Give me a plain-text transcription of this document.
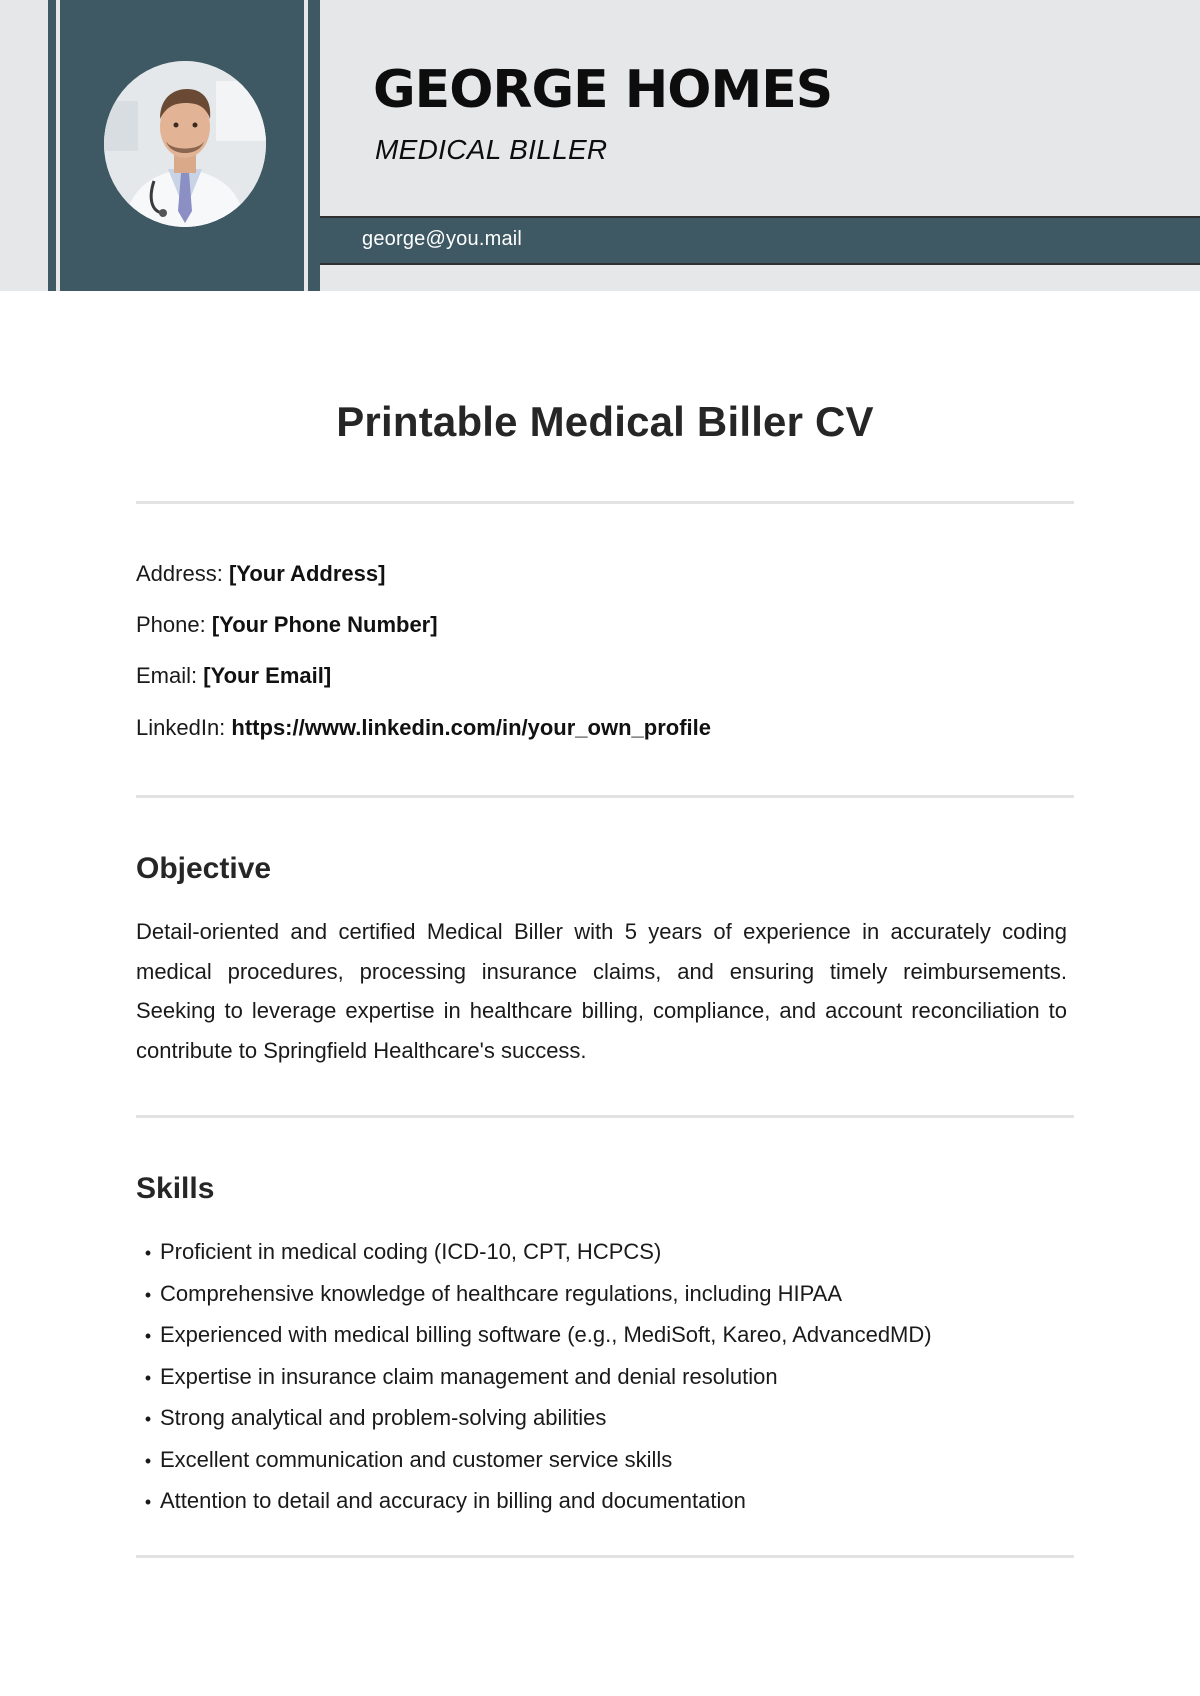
george@you.mail
GEORGE HOMES

MEDICAL BILLER

Printable Medical Biller CV
Address: [Your Address]
Phone: [Your Phone Number]
Email: [Your Email]
LinkedIn: https://www.linkedin.com/in/your_own_profile
Objective

Detail-oriented and certified Medical Biller with 5 years of experience in accurately coding medical procedures, processing insurance claims, and ensuring timely reimbursements. Seeking to leverage expertise in healthcare billing, compliance, and account reconciliation to contribute to Springfield Healthcare's success.

Skills
• Proficient in medical coding (ICD-10, CPT, HCPCS)
• Comprehensive knowledge of healthcare regulations, including HIPAA
• Experienced with medical billing software (e.g., MediSoft, Kareo, AdvancedMD)
• Expertise in insurance claim management and denial resolution
• Strong analytical and problem-solving abilities
• Excellent communication and customer service skills
• Attention to detail and accuracy in billing and documentation
